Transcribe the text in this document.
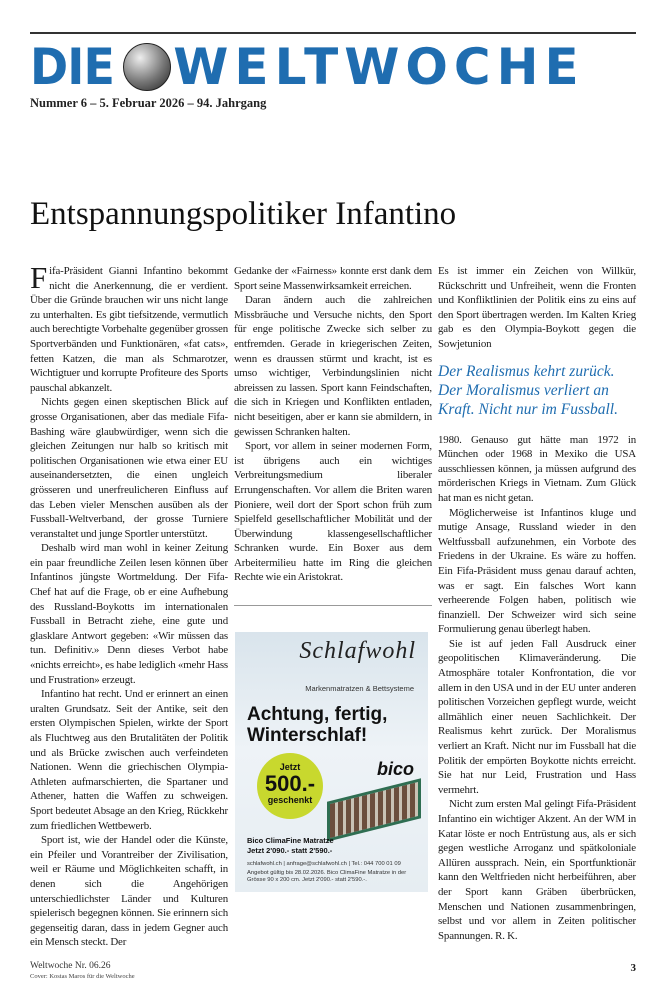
DIE WELTWOCHE
Nummer 6 – 5. Februar 2026 – 94. Jahrgang
Entspannungspolitiker Infantino

Fifa-Präsident Gianni Infantino bekommt nicht die Anerkennung, die er verdient. Über die Gründe brauchen wir uns nicht lange zu unterhalten. Es gibt tiefsitzende, vermutlich auch berechtigte Vorbehalte gegenüber grossen Sportverbänden und Funktionären, «fat cats», fetten Katzen, die man als Schmarotzer, Wichtigtuer und korrupte Profiteure des Sports pauschal abkanzelt.

Nichts gegen einen skeptischen Blick auf grosse Organisationen, aber das mediale Fifa-Bashing wäre glaubwürdiger, wenn sich die gleichen Zeitungen nur halb so kritisch mit politischen Organisationen wie etwa einer EU auseinandersetzten, die einen ungleich grösseren und unerfreulicheren Einfluss auf das Leben vieler Menschen ausüben als der Fussball-Weltverband, der grosse Turniere veranstaltet und junge Sportler unterstützt.

Deshalb wird man wohl in keiner Zeitung ein paar freundliche Zeilen lesen können über Infantinos jüngste Wortmeldung. Der Fifa-Chef hat auf die Frage, ob er eine Aufhebung des Russland-Boykotts im internationalen Fussball in Betracht ziehe, eine gute und glasklare Antwort gegeben: «Wir müssen das tun. Definitiv.» Denn dieses Verbot habe «nichts erreicht», es habe lediglich «mehr Hass und Frustration» erzeugt.

Infantino hat recht. Und er erinnert an einen uralten Grundsatz. Seit der Antike, seit den ersten Olympischen Spielen, wirkte der Sport als Fluchtweg aus den Brutalitäten der Politik und als Brücke zwischen auch verfeindeten Nationen. Wenn die griechischen Olympia-Athleten aufmarschierten, die Spartaner und Athener, hatten die Waffen zu schweigen. Sport bedeutet Absage an den Krieg, Rückkehr zum friedlichen Wettbewerb.

Sport ist, wie der Handel oder die Künste, ein Pfeiler und Vorantreiber der Zivilisation, weil er Räume und Möglichkeiten schafft, in denen sich die Angehörigen unterschiedlichster Länder und Kulturen spielerisch begegnen können. Sie erinnern sich gegenseitig daran, dass in jedem Gegner auch ein Mensch steckt. Der

Gedanke der «Fairness» konnte erst dank dem Sport seine Massenwirksamkeit erreichen.

Daran ändern auch die zahlreichen Missbräuche und Versuche nichts, den Sport für enge politische Zwecke sich selber zu entfremden. Gerade in kriegerischen Zeiten, wenn es draussen stürmt und kracht, ist es umso wichtiger, Verbindungslinien nicht abreissen zu lassen. Sport kann Feindschaften, die sich in Kriegen und Konflikten entladen, nicht beseitigen, aber er kann sie abmildern, in gewissen Schranken halten.

Sport, vor allem in seiner modernen Form, ist übrigens auch ein wichtiges Verbreitungsmedium liberaler Errungenschaften. Vor allem die Briten waren Pioniere, weil dort der Sport schon früh zum Spielfeld gesellschaftlicher Mobilität und der Überwindung klassengesellschaftlicher Schranken wurde. Ein Boxer aus dem Arbeitermilieu hatte im Ring die gleichen Rechte wie ein Aristokrat.

Schlafwohl
Markenmatratzen & Bettsysteme
Achtung, fertig, Winterschlaf!
Jetzt
500.-
geschenkt
bico
Bico ClimaFine Matratze
Jetzt 2'090.- statt 2'590.-
schlafwohl.ch | anfrage@schlafwohl.ch | Tel.: 044 700 01 09
Angebot gültig bis 28.02.2026. Bico ClimaFine Matratze in der Grösse 90 x 200 cm. Jetzt 2'090.- statt 2'590.-.

Es ist immer ein Zeichen von Willkür, Rückschritt und Unfreiheit, wenn die Fronten und Konfliktlinien der Politik eins zu eins auf den Sport übertragen werden. Im Kalten Krieg gab es den Olympia-Boykott gegen die Sowjetunion

Der Realismus kehrt zurück. Der Moralismus verliert an Kraft. Nicht nur im Fussball.

1980. Genauso gut hätte man 1972 in München oder 1968 in Mexiko die USA ausschliessen können, ja müssen aufgrund des mörderischen Kriegs in Vietnam. Zum Glück hat man es nicht getan.

Möglicherweise ist Infantinos kluge und mutige Ansage, Russland wieder in den Weltfussball aufzunehmen, ein Vorbote des Friedens in der Ukraine. Es wäre zu hoffen. Ein Fifa-Präsident muss genau darauf achten, was er sagt. Ein falsches Wort kann verheerende Folgen haben, politisch wie finanziell. Der Schweizer wird sich seine Formulierung genau überlegt haben.

Sie ist auf jeden Fall Ausdruck einer geopolitischen Klimaveränderung. Die Atmosphäre totaler Konfrontation, die vor allem in den USA und in der EU unter anderen politischen Vorzeichen gepflegt wurde, weicht allmählich einer neuen Sachlichkeit. Der Realismus kehrt zurück. Der Moralismus verliert an Kraft. Nicht nur im Fussball hat die Politik der empörten Boykotte nichts erreicht. Sie hat nur Leid, Frustration und Hass vermehrt.

Nicht zum ersten Mal gelingt Fifa-Präsident Infantino ein wichtiger Akzent. An der WM in Katar löste er noch Entrüstung aus, als er sich gegen westliche Arroganz und spätkoloniale Allüren aussprach. Nein, ein Sportfunktionär kann den Weltfrieden nicht herbeiführen, aber der Sport kann Gräben überbrücken, Menschen und Nationen zusammenbringen, selbst und vor allem in Zeiten politischer Spannungen. R. K.

Weltwoche Nr. 06.26
Cover: Kostas Maros für die Weltwoche
3
